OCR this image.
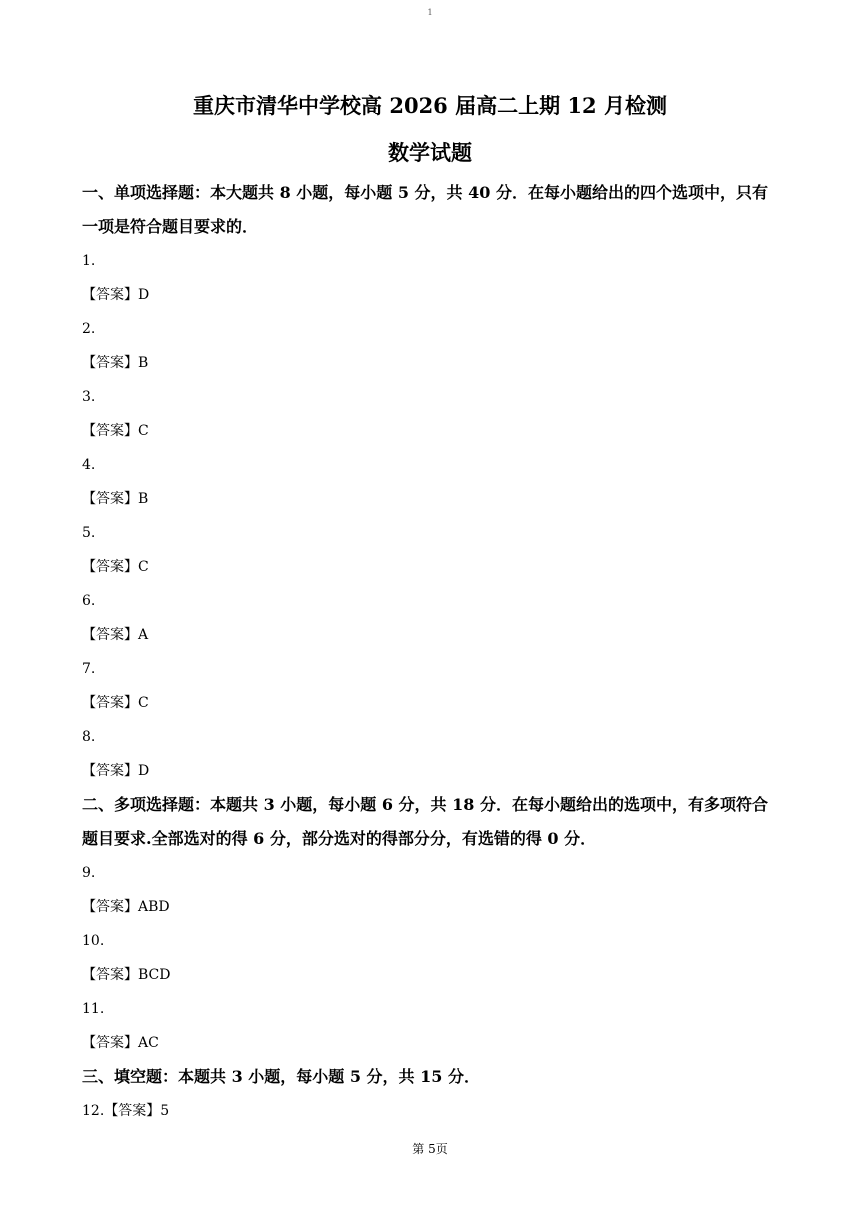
1
重庆市清华中学校高 2026 届高二上期 12 月检测
数学试题

一、单项选择题：本大题共 8 小题，每小题 5 分，共 40 分．在每小题给出的四个选项中，只有一项是符合题目要求的．

1.

【答案】D

2.

【答案】B

3.

【答案】C

4.

【答案】B

5.

【答案】C

6.

【答案】A

7.

【答案】C

8.

【答案】D

二、多项选择题：本题共 3 小题，每小题 6 分，共 18 分．在每小题给出的选项中，有多项符合题目要求.全部选对的得 6 分，部分选对的得部分分，有选错的得 0 分．

9.

【答案】ABD

10.

【答案】BCD

11.

【答案】AC

三、填空题：本题共 3 小题，每小题 5 分，共 15 分．

12.【答案】5

第 5页
